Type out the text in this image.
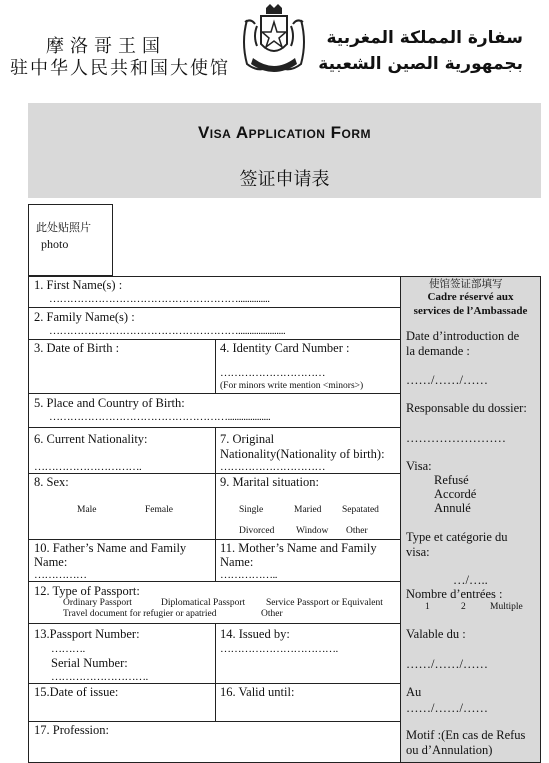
摩洛哥王国
驻中华人民共和国大使馆
سفارة المملكة المغربية
بجمهورية الصين الشعبية
Visa Application Form
签证申请表
此处贴照片
photo
1. First Name(s) :
………………………………………………..............
2. Family Name(s) :
……………………………………………….....................
3. Date of Birth :	4. Identity Card Number :
…………………………
(For minors write mention <minors>)
5. Place and Country of Birth:
……………………………………………...................
6. Current Nationality:
………………………….
7. Original
Nationality(Nationality of birth):
…………………………
8. Sex:
Male	Female
9. Marital situation:
Single	Maried Sepatated
Divorced Window Other
10. Father’s Name and Family
Name:
……………
11. Mother’s Name and Family
Name:
……………..
12. Type of Passport:
Ordinary Passport	Diplomatical Passport Service Passport or Equivalent
Travel document for refugier or apatried	Other
13.Passport Number:
……….
Serial Number:
……………………….
14. Issued by:
…………………………….
15.Date of issue:	16. Valid until:
17. Profession:
使馆签证部填写
Cadre réservé aux
services de l’Ambassade
Date d’introduction de
la demande :
……/……/……
Responsable du dossier:
……………………
Visa:
Refusé
Accordé
Annulé
Type et catégorie du
visa:
…/…..
Nombre d’entrées :
1	2	Multiple
Valable du :
……/……/……
Au
……/……/……
Motif :(En cas de Refus
ou d’Annulation)
